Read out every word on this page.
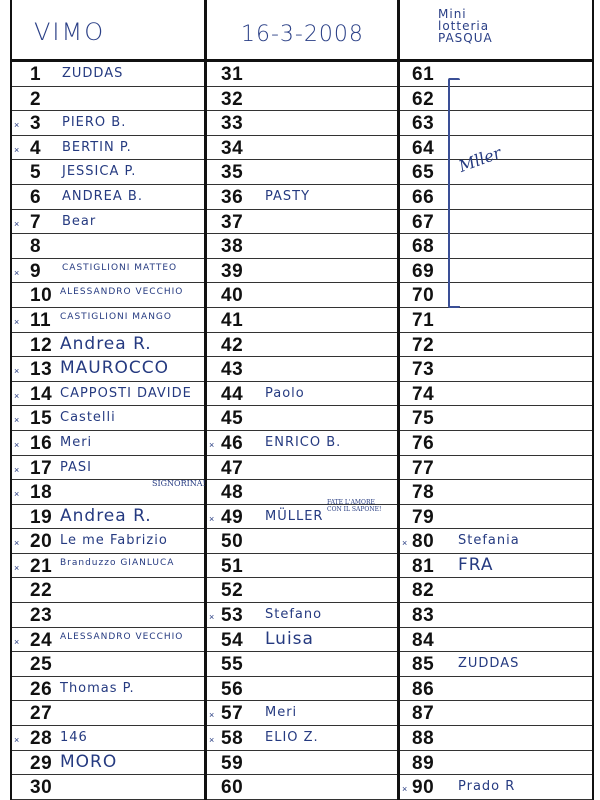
VIMO	16-3-2008
Mini
lotteria
PASQUA
1 ZUDDAS
2
× 3 PIERO B.
× 4 BERTIN P.
5 JESSICA P.
6 ANDREA B.
× 7 Bear
8
× 9 CASTIGLIONI MATTEO
10 ALESSANDRO VECCHIO
× 11 CASTIGLIONI MANGO
12 Andrea R.
× 13 MAUROCCO
× 14 CAPPOSTI DAVIDE
× 15 Castelli
× 16 Meri
× 17 PASI
× 18
19 Andrea R.
× 20 Le me Fabrizio
× 21 Branduzzo GIANLUCA
22
23
× 24 ALESSANDRO VECCHIO
25
26 Thomas P.
27
× 28 146
29 MORO
30
31
32
33
34
35
36 PASTY
37
38
39
40
41
42
43
44 Paolo
45
× 46 ENRICO B.
47
48
× 49 MÜLLER
50
51
52
× 53 Stefano
54 Luisa
55
56
× 57 Meri
× 58 ELIO Z.
59
60
61
62
63
64
65
66
67
68
69
70
71
72
73
74
75
76
77
78
79
× 80 Stefania
81 FRA
82
83
84
85 ZUDDAS
86
87
88
89
× 90 Prado R
Mller
SIGNORINA!
FATE L'AMORE CON IL SAPONE!
